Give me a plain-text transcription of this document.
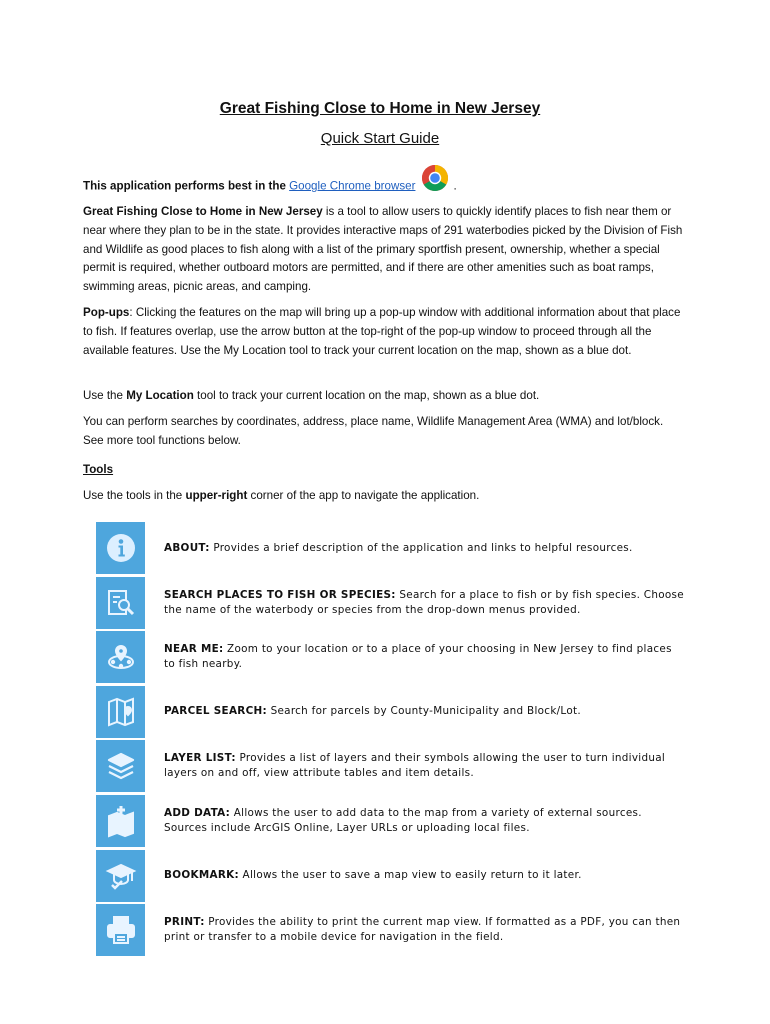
Great Fishing Close to Home in New Jersey
Quick Start Guide
This application performs best in the Google Chrome browser	.
Great Fishing Close to Home in New Jersey is a tool to allow users to quickly identify places to fish near them or near where they plan to be in the state. It provides interactive maps of 291 waterbodies picked by the Division of Fish and Wildlife as good places to fish along with a list of the primary sportfish present, ownership, whether a special permit is required, whether outboard motors are permitted, and if there are other amenities such as boat ramps, swimming areas, picnic areas, and camping.
Pop-ups: Clicking the features on the map will bring up a pop-up window with additional information about that place to fish. If features overlap, use the arrow button at the top-right of the pop-up window to proceed through all the available features. Use the My Location tool to track your current location on the map, shown as a blue dot.
Use the My Location tool to track your current location on the map, shown as a blue dot.
You can perform searches by coordinates, address, place name, Wildlife Management Area (WMA) and lot/block. See more tool functions below.
Tools
Use the tools in the upper-right corner of the app to navigate the application.
ABOUT: Provides a brief description of the application and links to helpful resources.
SEARCH PLACES TO FISH OR SPECIES: Search for a place to fish or by fish species. Choose the name of the waterbody or species from the drop-down menus provided.
NEAR ME: Zoom to your location or to a place of your choosing in New Jersey to find places to fish nearby.
PARCEL SEARCH: Search for parcels by County-Municipality and Block/Lot.
LAYER LIST: Provides a list of layers and their symbols allowing the user to turn individual layers on and off, view attribute tables and item details.
ADD DATA: Allows the user to add data to the map from a variety of external sources. Sources include ArcGIS Online, Layer URLs or uploading local files.
BOOKMARK: Allows the user to save a map view to easily return to it later.
PRINT: Provides the ability to print the current map view. If formatted as a PDF, you can then print or transfer to a mobile device for navigation in the field.
